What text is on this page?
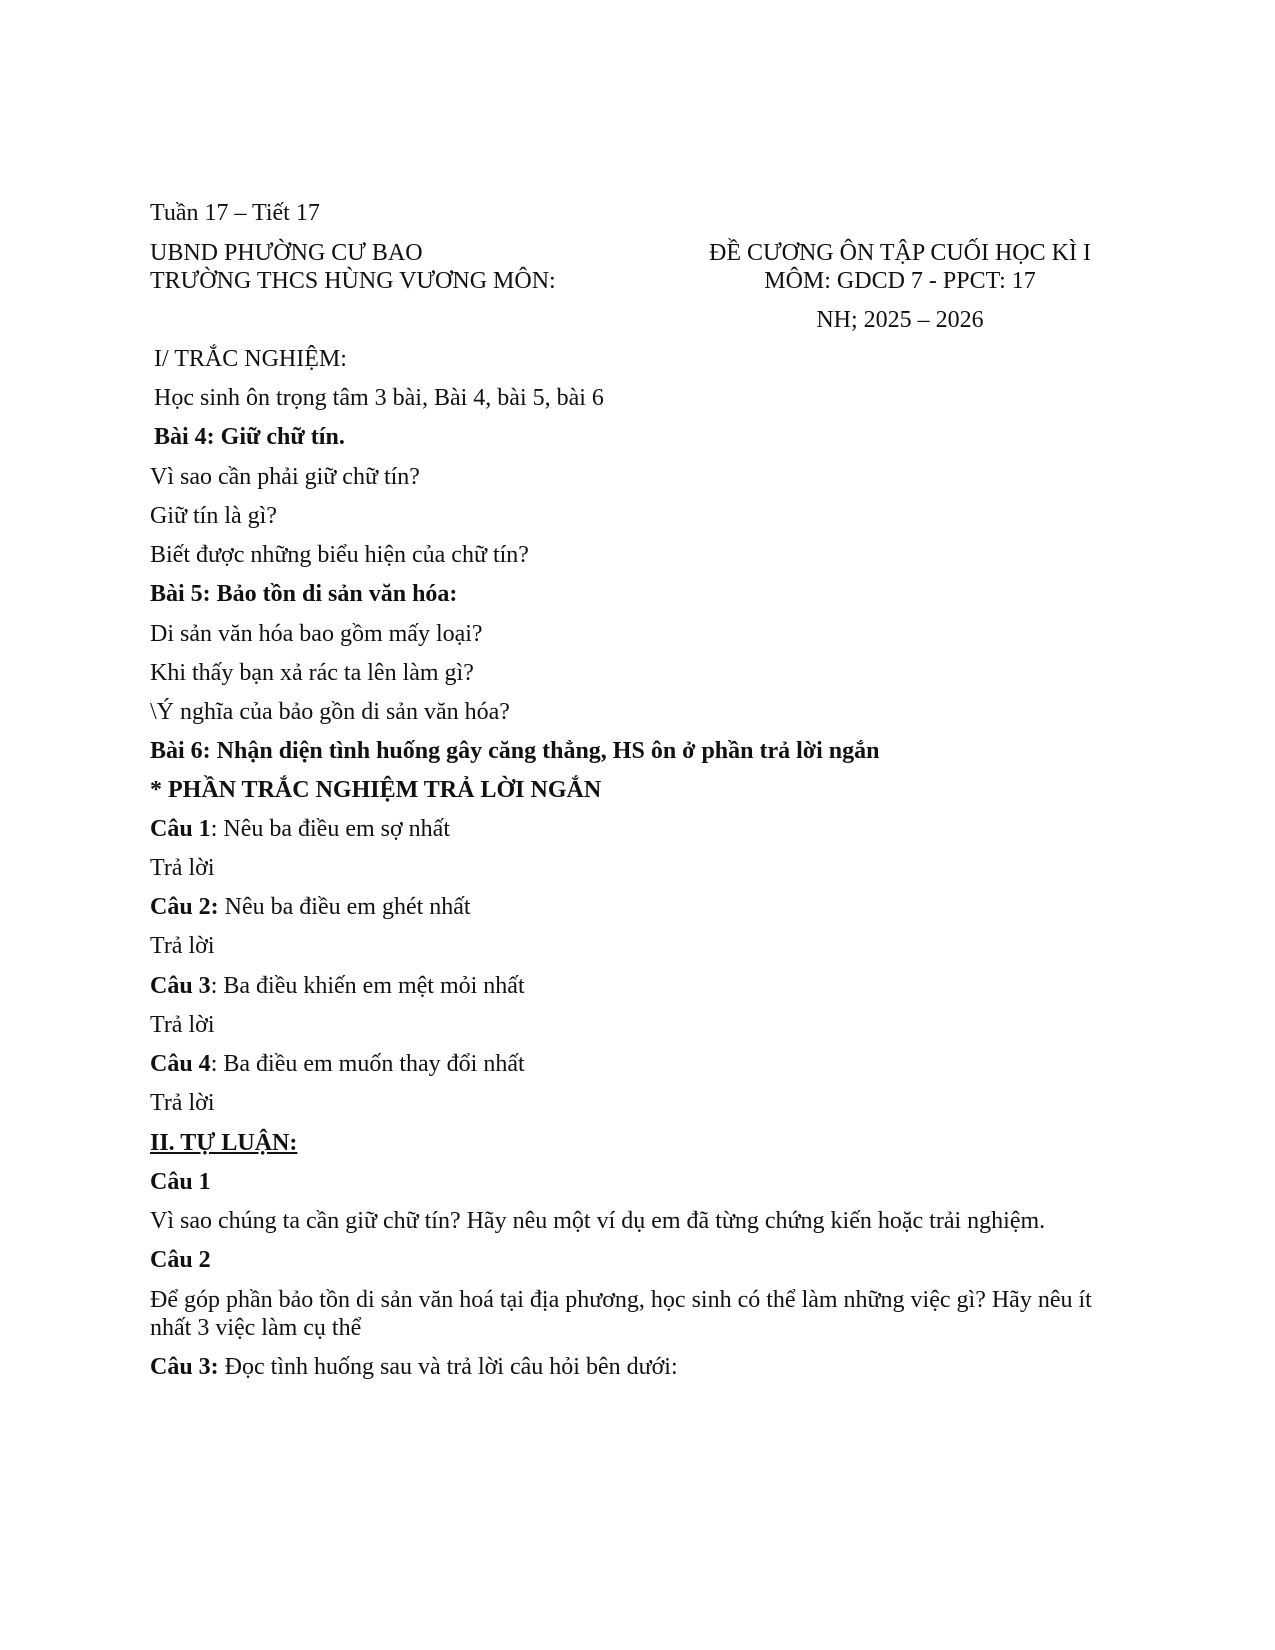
Tuần 17 – Tiết 17
UBND PHƯỜNG CƯ BAO
TRƯỜNG THCS HÙNG VƯƠNG MÔN:
ĐỀ CƯƠNG ÔN TẬP CUỐI HỌC KÌ I
MÔM: GDCD 7 - PPCT: 17
NH; 2025 – 2026
I/ TRẮC NGHIỆM:
Học sinh ôn trọng tâm 3 bài, Bài 4, bài 5, bài 6
Bài 4: Giữ chữ tín.
Vì sao cần phải giữ chữ tín?
Giữ tín là gì?
Biết được những biểu hiện của chữ tín?
Bài 5: Bảo tồn di sản văn hóa:
Di sản văn hóa bao gồm mấy loại?
Khi thấy bạn xả rác ta lên làm gì?
\Ý nghĩa của bảo gồn di sản văn hóa?
Bài 6: Nhận diện tình huống gây căng thẳng, HS ôn ở phần trả lời ngắn
* PHẦN TRẮC NGHIỆM TRẢ LỜI NGẮN
Câu 1: Nêu ba điều em sợ nhất
Trả lời
Câu 2: Nêu ba điều em ghét nhất
Trả lời
Câu 3: Ba điều khiến em mệt mỏi nhất
Trả lời
Câu 4: Ba điều em muốn thay đổi nhất
Trả lời
II. TỰ LUẬN:
Câu 1
Vì sao chúng ta cần giữ chữ tín? Hãy nêu một ví dụ em đã từng chứng kiến hoặc trải nghiệm.
Câu 2
Để góp phần bảo tồn di sản văn hoá tại địa phương, học sinh có thể làm những việc gì? Hãy nêu ít nhất 3 việc làm cụ thể
Câu 3: Đọc tình huống sau và trả lời câu hỏi bên dưới:
